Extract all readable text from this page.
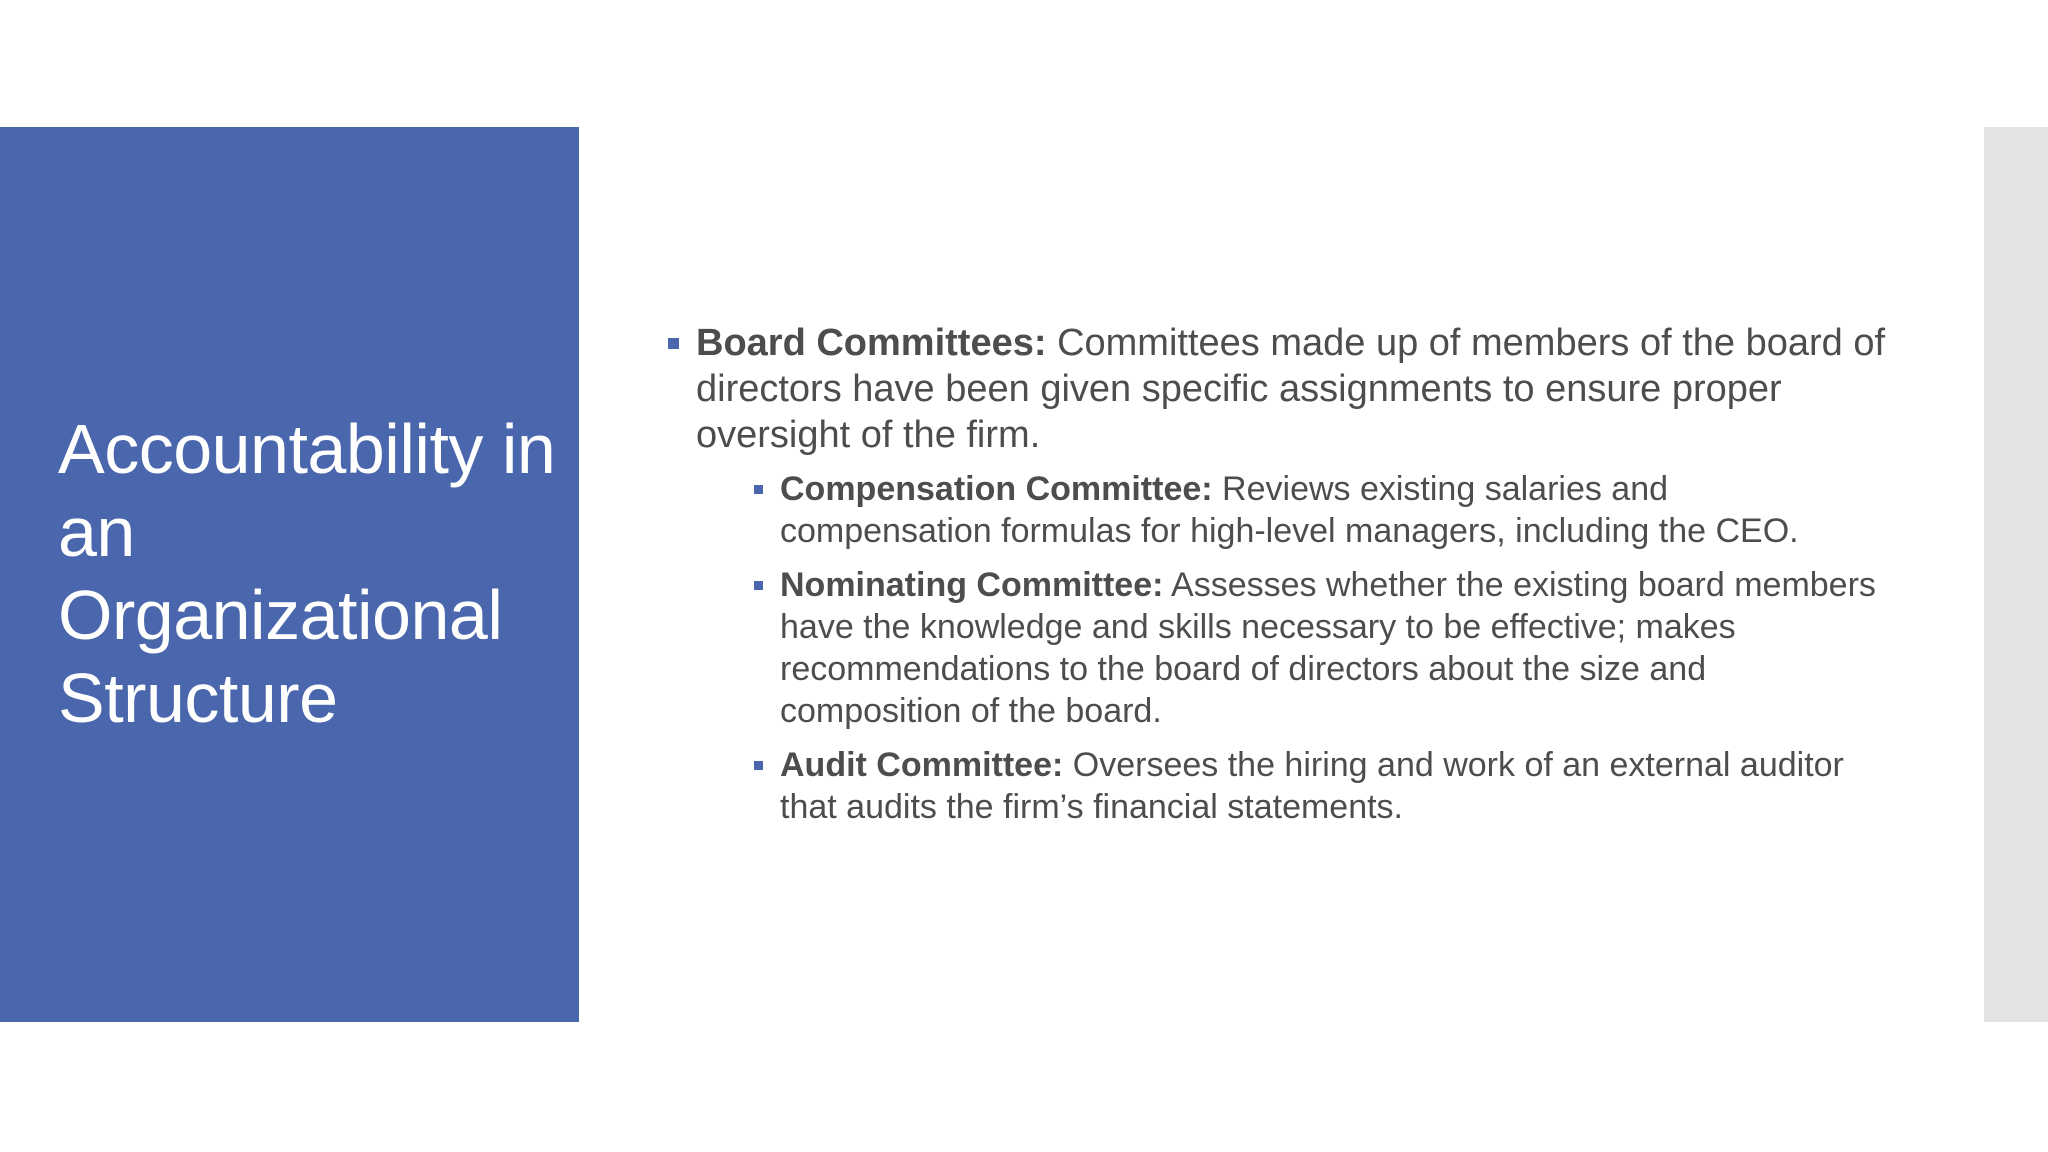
Accountability in an Organizational Structure

Board Committees: Committees made up of members of the board of directors have been given specific assignments to ensure proper oversight of the firm.

Compensation Committee: Reviews existing salaries and compensation formulas for high-level managers, including the CEO.

Nominating Committee: Assesses whether the existing board members have the knowledge and skills necessary to be effective; makes recommendations to the board of directors about the size and composition of the board.

Audit Committee: Oversees the hiring and work of an external auditor that audits the firm’s financial statements.
